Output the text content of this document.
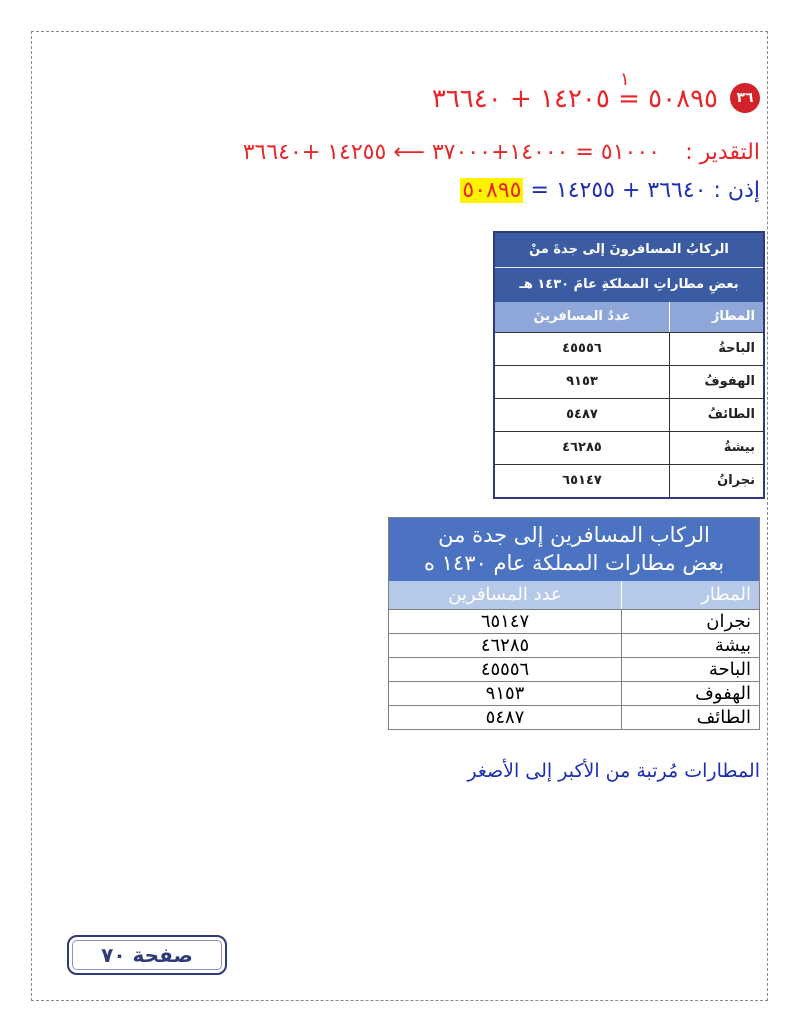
٣٦
٥٠٨٩٥ = ١٤٢٠٥ + ٣٦٦٤٠
١
التقدير :
٥١٠٠٠ = ١٤٠٠٠+٣٧٠٠٠ ⟵ ١٤٢٥٥ +٣٦٦٤٠
إذن : ٣٦٦٤٠ + ١٤٢٥٥ = ٥٠٨٩٥
الركابُ المسافرونَ إلى جدةَ منْ
بعضِ مطاراتِ المملكةِ عامَ ١٤٣٠ هـ
المطارُ
عددُ المسافرينَ
الباحةُ
٤٥٥٥٦
الهفوفُ
٩١٥٣
الطائفُ
٥٤٨٧
بيشةُ
٤٦٢٨٥
نجرانُ
٦٥١٤٧
الركاب المسافرين إلى جدة من
بعض مطارات المملكة عام ١٤٣٠ ه
المطار
عدد المسافرين
نجران
٦٥١٤٧
بيشة
٤٦٢٨٥
الباحة
٤٥٥٥٦
الهفوف
٩١٥٣
الطائف
٥٤٨٧
المطارات مُرتبة من الأكبر إلى الأصغر
صفحة ٧٠
